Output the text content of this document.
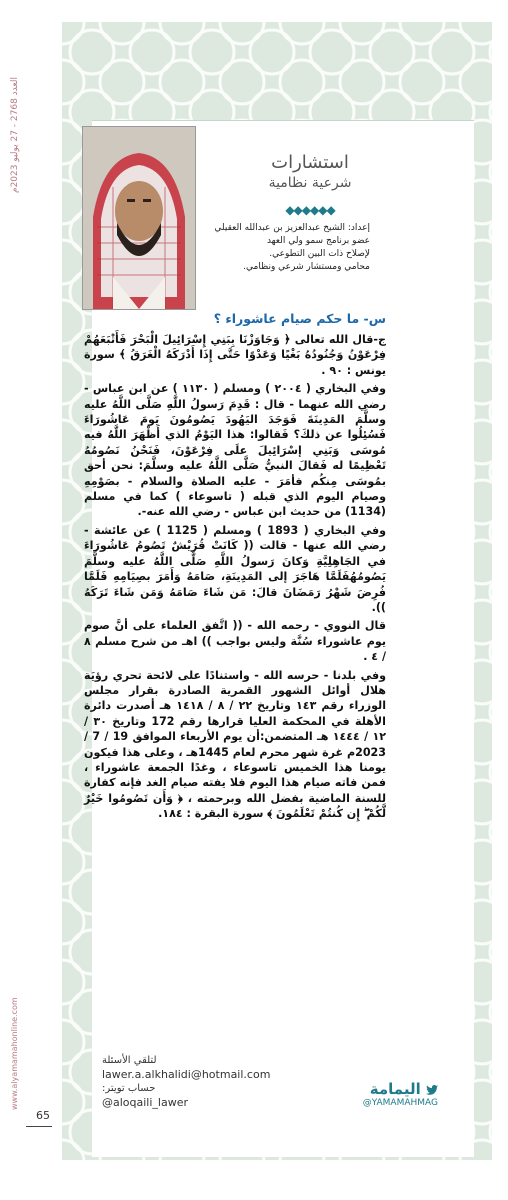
العدد 2768 - 27 يوليو 2023م
www.alyamamahonline.com
65
استشارات
شرعية نظامية
◆◆◆◆◆◆
إعداد: الشيخ عبدالعزيز بن عبدالله العقيلي
عضو برنامج سمو ولي العهد
لإصلاح ذات البين التطوعي.
محامي ومستشار شرعي ونظامي.
س- ما حكم صيام عاشوراء ؟

ج-قال الله تعالى ﴿ وَجَاوَزْنَا بِبَنِي إِسْرَائِيلَ الْبَحْرَ فَأَتْبَعَهُمْ فِرْعَوْنُ وَجُنُودُهُ بَغْيًا وَعَدْوًا حَتَّى إِذَا أَدْرَكَهُ الْغَرَقُ ﴾ سورة يونس : ٩٠ .

وفي البخاري ( ٢٠٠٤ ) ومسلم ( ١١٣٠ ) عن ابن عباس - رضي الله عنهما - قال : قَدِمَ رَسولُ اللَّهِ صَلَّى اللَّهُ عليه وسلَّمَ المَدِينَةَ فَوَجَدَ اليَهُودَ يَصُومُونَ يَومَ عَاشُورَاءَ فَسُئِلُوا عن ذلكَ؟ فَقالوا: هذا اليَوْمُ الذي أَظْهَرَ اللَّهُ فيه مُوسَى وَبَنِي إسْرَائِيلَ علَى فِرْعَوْنَ، فَنَحْنُ نَصُومُهُ تَعْظِيمًا له فَقالَ النبيُّ صَلَّى اللَّهُ عليه وسلَّمَ: نحن أحق بمُوسَى مِنكُم فأمَرَ - عليه الصلاة والسلام - بصَوْمِهِ وصيام اليوم الذي قبله ( تاسوعاء ) كما في مسلم (1134) من حديث ابن عباس - رضي الله عنه-.

وفي البخاري ( 1893 ) ومسلم ( 1125 ) عن عائشة - رضي الله عنها - قالت (( كَانَتْ قُرَيْشٌ تَصُومُ عَاشُورَاءَ في الجَاهِلِيَّةِ وَكانَ رَسولُ اللَّهِ صَلَّى اللَّهُ عليه وسلَّمَ يَصُومُهُفَلَمَّا هَاجَرَ إلى المَدِينَةِ، صَامَهُ وَأَمَرَ بصِيَامِهِ فَلَمَّا فُرِضَ شَهْرُ رَمَضَانَ قالَ: مَن شَاءَ صَامَهُ وَمَن شَاءَ تَرَكَهُ )).

قال النووي - رحمه الله - (( اتَّفق العلماء على أنَّ صوم يوم عاشوراء سُنَّة وليس بواجب )) اهـ من شرح مسلم ٨ / ٤ .

وفي بلدنا - حرسه الله - واستنادًا على لائحة تحري رؤيَة هلال أوائل الشهور القمرية الصادرة بقرار مجلس الوزراء رقم ١٤٣ وتاريخ ٢٢ / ٨ / ١٤١٨ هـ أصدرت دائرة الأهلة في المحكمة العليا قرارها رقم 172 وتاريخ ٣٠ / ١٢ / ١٤٤٤ هـ المتضمن:أن يوم الأربعاء الموافق 19 / 7 / 2023م غرة شهر محرم لعام 1445هـ ، وعلى هذا فيكون يومنا هذا الخميس تاسوعاء ، وغدًا الجمعة عاشوراء ، فمن فاته صيام هذا اليوم فلا يفته صيام الغد فإنه كفارة للسنة الماضية بفضل الله وبرحمته ، ﴿ وَأَن تَصُومُوا خَيْرٌ لَّكُمْ ۖ إِن كُنتُمْ تَعْلَمُونَ ﴾ سورة البقرة : ١٨٤.

لتلقي الأسئلة
lawer.a.alkhalidi@hotmail.com
حساب تويتر:
@aloqaili_lawer
اليمامة
@YAMAMAHMAG
